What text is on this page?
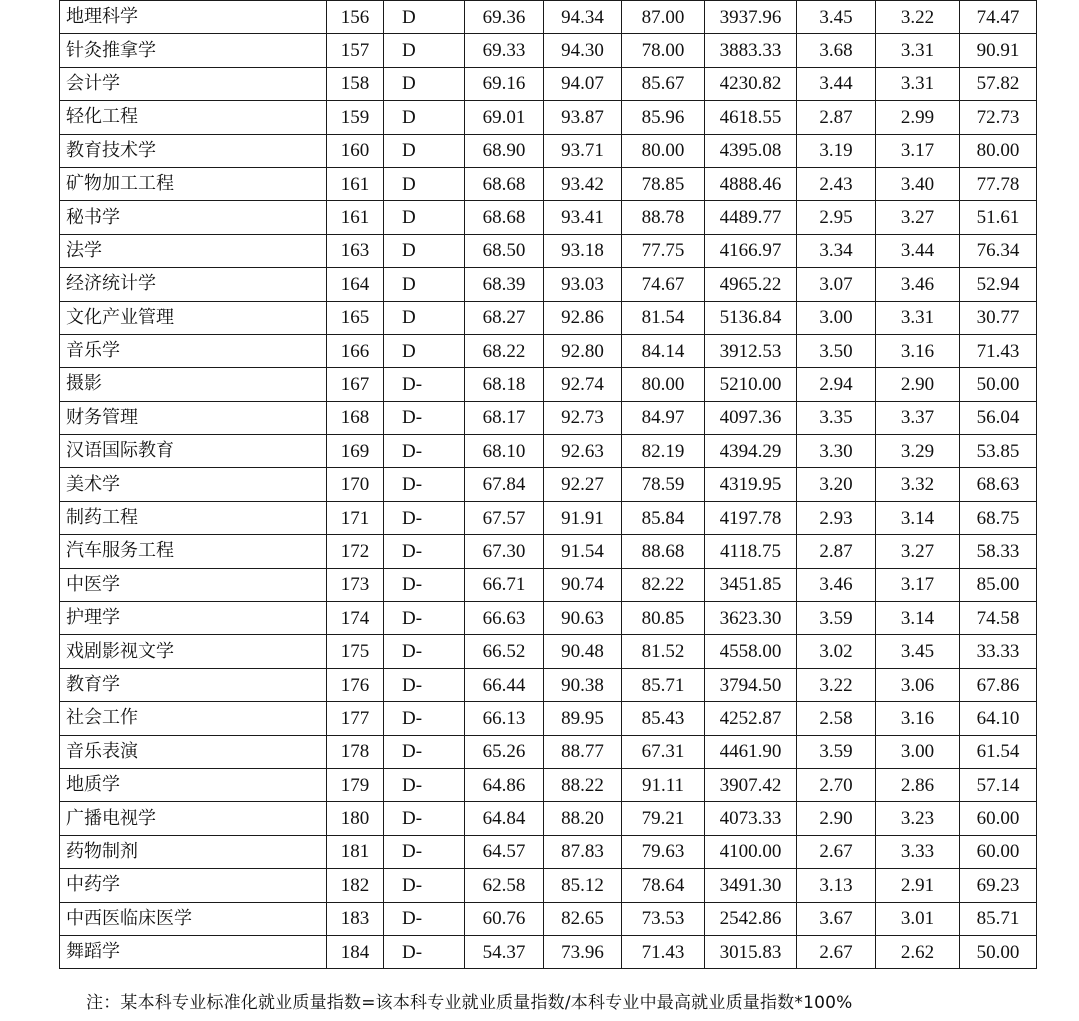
地理科学	156	D	69.36	94.34	87.00	3937.96	3.45	3.22	74.47
针灸推拿学	157	D	69.33	94.30	78.00	3883.33	3.68	3.31	90.91
会计学	158	D	69.16	94.07	85.67	4230.82	3.44	3.31	57.82
轻化工程	159	D	69.01	93.87	85.96	4618.55	2.87	2.99	72.73
教育技术学	160	D	68.90	93.71	80.00	4395.08	3.19	3.17	80.00
矿物加工工程	161	D	68.68	93.42	78.85	4888.46	2.43	3.40	77.78
秘书学	161	D	68.68	93.41	88.78	4489.77	2.95	3.27	51.61
法学	163	D	68.50	93.18	77.75	4166.97	3.34	3.44	76.34
经济统计学	164	D	68.39	93.03	74.67	4965.22	3.07	3.46	52.94
文化产业管理	165	D	68.27	92.86	81.54	5136.84	3.00	3.31	30.77
音乐学	166	D	68.22	92.80	84.14	3912.53	3.50	3.16	71.43
摄影	167	D-	68.18	92.74	80.00	5210.00	2.94	2.90	50.00
财务管理	168	D-	68.17	92.73	84.97	4097.36	3.35	3.37	56.04
汉语国际教育	169	D-	68.10	92.63	82.19	4394.29	3.30	3.29	53.85
美术学	170	D-	67.84	92.27	78.59	4319.95	3.20	3.32	68.63
制药工程	171	D-	67.57	91.91	85.84	4197.78	2.93	3.14	68.75
汽车服务工程	172	D-	67.30	91.54	88.68	4118.75	2.87	3.27	58.33
中医学	173	D-	66.71	90.74	82.22	3451.85	3.46	3.17	85.00
护理学	174	D-	66.63	90.63	80.85	3623.30	3.59	3.14	74.58
戏剧影视文学	175	D-	66.52	90.48	81.52	4558.00	3.02	3.45	33.33
教育学	176	D-	66.44	90.38	85.71	3794.50	3.22	3.06	67.86
社会工作	177	D-	66.13	89.95	85.43	4252.87	2.58	3.16	64.10
音乐表演	178	D-	65.26	88.77	67.31	4461.90	3.59	3.00	61.54
地质学	179	D-	64.86	88.22	91.11	3907.42	2.70	2.86	57.14
广播电视学	180	D-	64.84	88.20	79.21	4073.33	2.90	3.23	60.00
药物制剂	181	D-	64.57	87.83	79.63	4100.00	2.67	3.33	60.00
中药学	182	D-	62.58	85.12	78.64	3491.30	3.13	2.91	69.23
中西医临床医学	183	D-	60.76	82.65	73.53	2542.86	3.67	3.01	85.71
舞蹈学	184	D-	54.37	73.96	71.43	3015.83	2.67	2.62	50.00
注：某本科专业标准化就业质量指数=该本科专业就业质量指数/本科专业中最高就业质量指数*100%
